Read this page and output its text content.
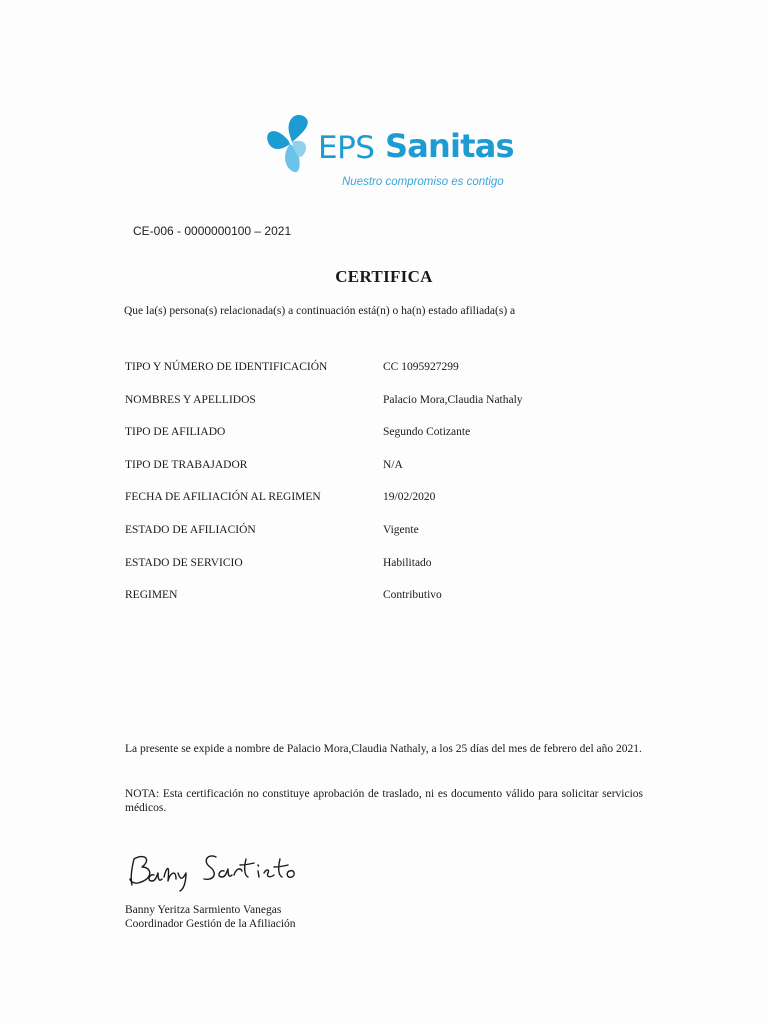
EPS Sanitas
Nuestro compromiso es contigo
CE-006 - 0000000100 – 2021
CERTIFICA
Que la(s) persona(s) relacionada(s) a continuación está(n) o ha(n) estado afiliada(s) a
TIPO Y NÚMERO DE IDENTIFICACIÓN	CC 1095927299
NOMBRES Y APELLIDOS	Palacio Mora,Claudia Nathaly
TIPO DE AFILIADO	Segundo Cotizante
TIPO DE TRABAJADOR	N/A
FECHA DE AFILIACIÓN AL REGIMEN	19/02/2020
ESTADO DE AFILIACIÓN	Vigente
ESTADO DE SERVICIO	Habilitado
REGIMEN	Contributivo
La presente se expide a nombre de Palacio Mora,Claudia Nathaly, a los 25 días del mes de febrero del año 2021.
NOTA: Esta certificación no constituye aprobación de traslado, ni es documento válido para solicitar servicios médicos.
Banny Yeritza Sarmiento Vanegas
Coordinador Gestión de la Afiliación
